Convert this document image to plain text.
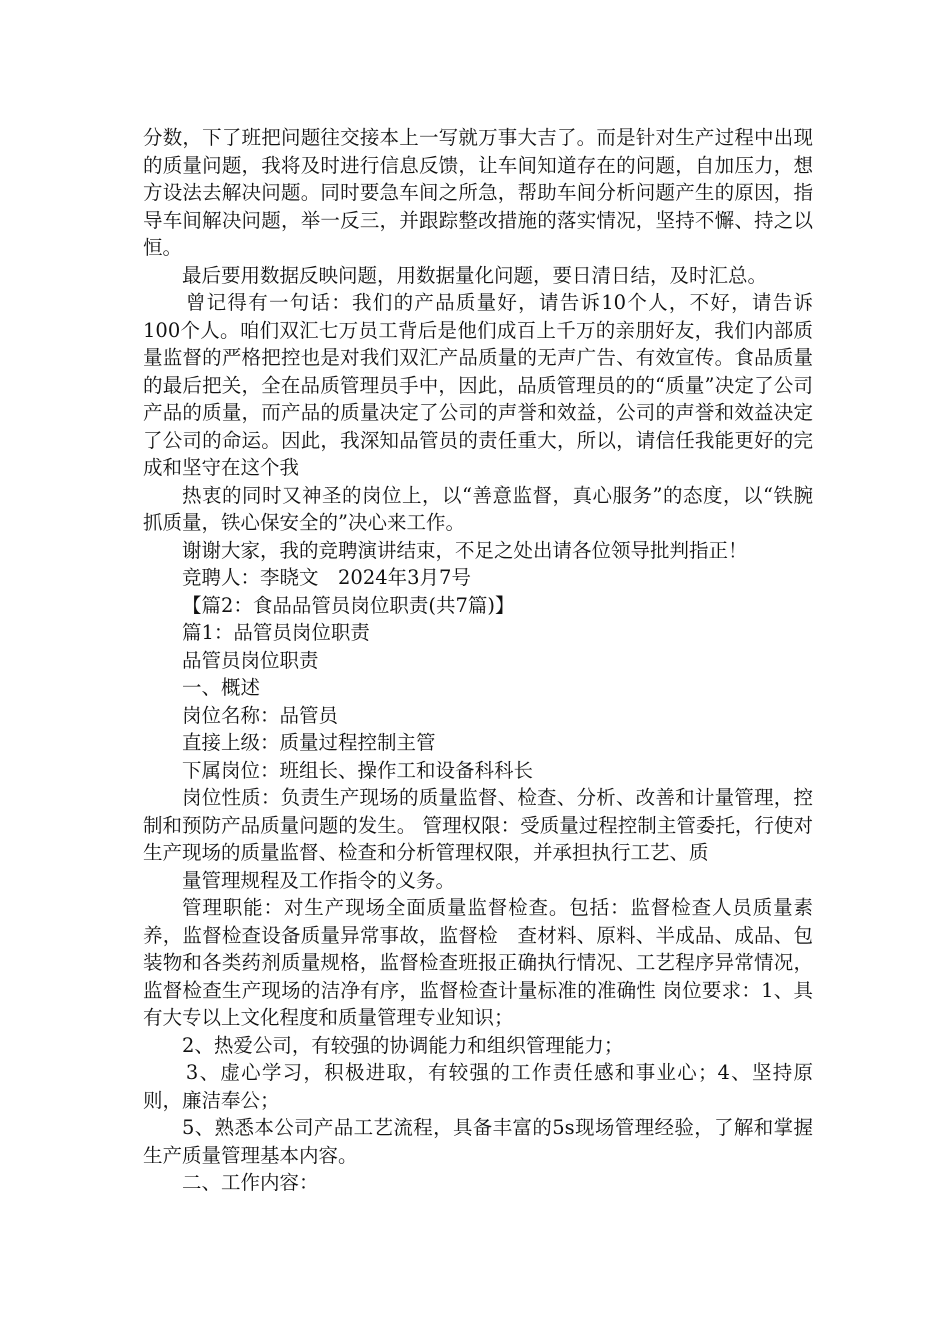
分数，下了班把问题往交接本上一写就万事大吉了。而是针对生产过程中出现的质量问题，我将及时进行信息反馈，让车间知道存在的问题，自加压力，想方设法去解决问题。同时要急车间之所急，帮助车间分析问题产生的原因，指导车间解决问题，举一反三，并跟踪整改措施的落实情况，坚持不懈、持之以恒。

最后要用数据反映问题，用数据量化问题，要日清日结，及时汇总。

曾记得有一句话：我们的产品质量好，请告诉10个人，不好，请告诉100个人。咱们双汇七万员工背后是他们成百上千万的亲朋好友，我们内部质量监督的严格把控也是对我们双汇产品质量的无声广告、有效宣传。食品质量的最后把关，全在品质管理员手中，因此，品质管理员的的“质量”决定了公司产品的质量，而产品的质量决定了公司的声誉和效益，公司的声誉和效益决定了公司的命运。因此，我深知品管员的责任重大，所以，请信任我能更好的完成和坚守在这个我

热衷的同时又神圣的岗位上，以“善意监督，真心服务”的态度，以“铁腕抓质量，铁心保安全的”决心来工作。

谢谢大家，我的竞聘演讲结束，不足之处出请各位领导批判指正！

竞聘人：李晓文　2024年3月7号

【篇2：食品品管员岗位职责(共7篇)】

篇1：品管员岗位职责

品管员岗位职责

一、概述

岗位名称：品管员

直接上级：质量过程控制主管

下属岗位：班组长、操作工和设备科科长

岗位性质：负责生产现场的质量监督、检查、分析、改善和计量管理，控制和预防产品质量问题的发生。 管理权限：受质量过程控制主管委托，行使对生产现场的质量监督、检查和分析管理权限，并承担执行工艺、质

量管理规程及工作指令的义务。

管理职能：对生产现场全面质量监督检查。包括：监督检查人员质量素养，监督检查设备质量异常事故，监督检　查材料、原料、半成品、成品、包装物和各类药剂质量规格，监督检查班报正确执行情况、工艺程序异常情况，监督检查生产现场的洁净有序，监督检查计量标准的准确性 岗位要求：1、具有大专以上文化程度和质量管理专业知识；

2、热爱公司，有较强的协调能力和组织管理能力；

3、虚心学习，积极进取，有较强的工作责任感和事业心；4、坚持原则，廉洁奉公；

5、熟悉本公司产品工艺流程，具备丰富的5s现场管理经验，了解和掌握生产质量管理基本内容。

二、工作内容：
